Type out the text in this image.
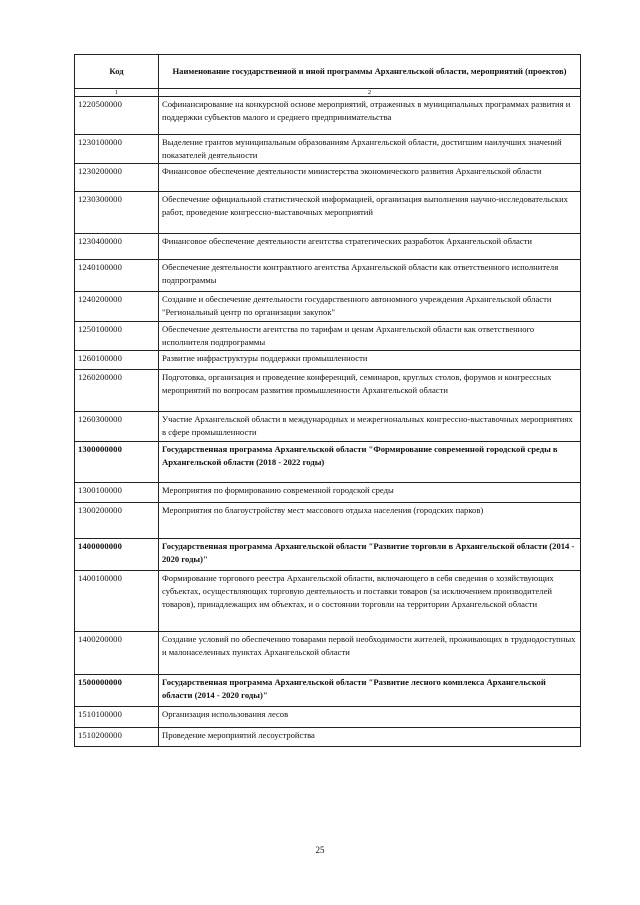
Код	Наименование государственной и иной программы Архангельской области, мероприятий (проектов)
1	2
1220500000	Софинансирование на конкурсной основе мероприятий, отраженных в муниципальных программах развития и поддержки субъектов малого и среднего предпринимательства
1230100000	Выделение грантов муниципальным образованиям Архангельской области, достигшим наилучших значений показателей деятельности
1230200000	Финансовое обеспечение деятельности министерства экономического развития Архангельской области
1230300000	Обеспечение официальной статистической информацией, организация выполнения научно-исследовательских работ, проведение конгрессно-выставочных мероприятий
1230400000	Финансовое обеспечение деятельности агентства стратегических разработок Архангельской области
1240100000	Обеспечение деятельности контрактного агентства Архангельской области как ответственного исполнителя подпрограммы
1240200000	Создание и обеспечение деятельности государственного автономного учреждения Архангельской области "Региональный центр по организации закупок"
1250100000	Обеспечение деятельности агентства по тарифам и ценам Архангельской области как ответственного исполнителя подпрограммы
1260100000	Развитие инфраструктуры поддержки промышленности
1260200000	Подготовка, организация и проведение конференций, семинаров, круглых столов, форумов и конгрессных мероприятий по вопросам развития промышленности Архангельской области
1260300000	Участие Архангельской области в международных и межрегиональных конгрессно-выставочных мероприятиях в сфере промышленности
1300000000	Государственная программа Архангельской области "Формирование современной городской среды в Архангельской области (2018 - 2022 годы)
1300100000	Мероприятия по формированию современной городской среды
1300200000	Мероприятия по благоустройству мест массового отдыха населения (городских парков)
1400000000	Государственная программа Архангельской области "Развитие торговли в Архангельской области (2014 - 2020 годы)"
1400100000	Формирование торгового реестра Архангельской области, включающего в себя сведения о хозяйствующих субъектах, осуществляющих торговую деятельность и поставки товаров (за исключением производителей товаров), принадлежащих им объектах, и о состоянии торговли на территории Архангельской области
1400200000	Создание условий по обеспечению товарами первой необходимости жителей, проживающих в труднодоступных и малонаселенных пунктах Архангельской области
1500000000	Государственная программа Архангельской области "Развитие лесного комплекса Архангельской области (2014 - 2020 годы)"
1510100000	Организация использования лесов
1510200000	Проведение мероприятий лесоустройства
25
